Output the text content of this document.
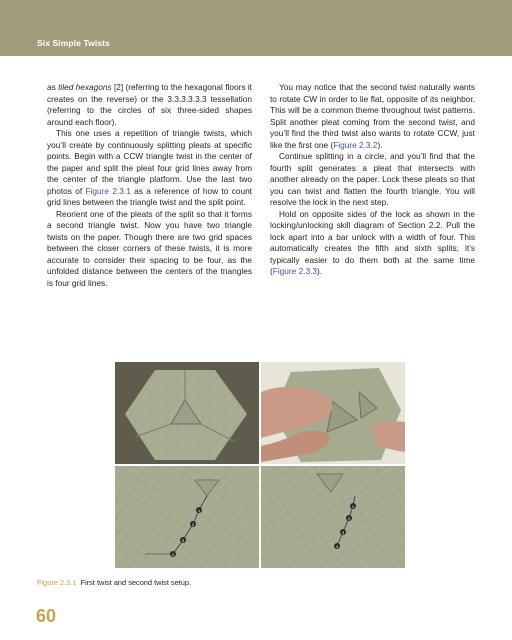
Six Simple Twists

as tiled hexagons [2] (referring to the hexagonal floors it creates on the reverse) or the 3.3.3.3.3.3 tessellation (referring to the circles of six three-sided shapes around each floor).

This one uses a repetition of triangle twists, which you’ll create by continuously splitting pleats at specific points. Begin with a CCW triangle twist in the center of the paper and split the pleat four grid lines away from the center of the triangle platform. Use the last two photos of Figure 2.3.1 as a reference of how to count grid lines between the triangle twist and the split point.

Reorient one of the pleats of the split so that it forms a second triangle twist. Now you have two triangle twists on the paper. Though there are two grid spaces between the closer corners of these twists, it is more accurate to consider their spacing to be four, as the unfolded distance between the centers of the triangles is four grid lines.

You may notice that the second twist naturally wants to rotate CW in order to lie flat, opposite of its neighbor. This will be a common theme throughout twist patterns. Split another pleat coming from the second twist, and you’ll find the third twist also wants to rotate CCW, just like the first one (Figure 2.3.2).

Continue splitting in a circle, and you’ll find that the fourth split generates a pleat that intersects with another already on the paper. Lock these pleats so that you can twist and flatten the fourth triangle. You will resolve the lock in the next step.

Hold on opposite sides of the lock as shown in the locking/unlocking skill diagram of Section 2.2. Pull the lock apart into a bar unlock with a width of four. This automatically creates the fifth and sixth splits; it’s typically easier to do them both at the same time (Figure 2.3.3).

1
2
3
4
1
2
3
4
Figure 2.3.1 First twist and second twist setup.
60
